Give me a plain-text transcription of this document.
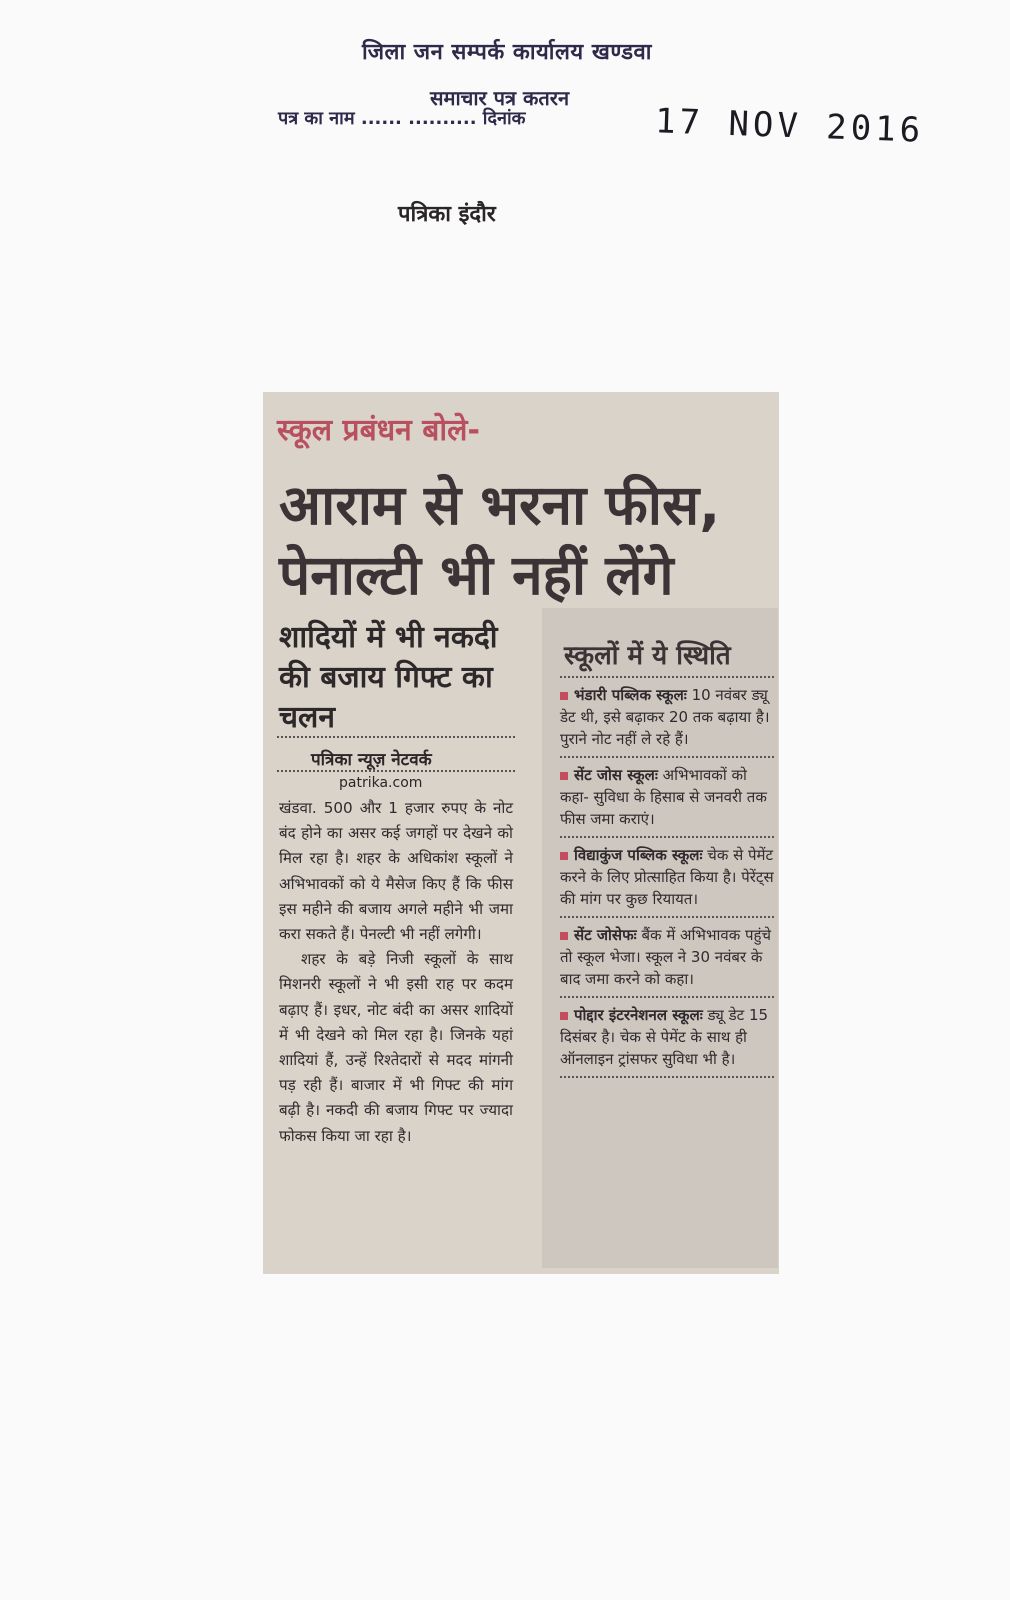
जिला जन सम्पर्क कार्यालय खण्डवा
समाचार पत्र कतरन
पत्र का नाम ...... .......... दिनांक	17 NOV 2016
पत्रिका इंदौर
स्कूल प्रबंधन बोले-
आराम से भरना फीस,
पेनाल्टी भी नहीं लेंगे
शादियों में भी नकदी की बजाय गिफ्ट का चलन
पत्रिका न्यूज़ नेटवर्क
patrika.com

खंडवा. 500 और 1 हजार रुपए के नोट बंद होने का असर कई जगहों पर देखने को मिल रहा है। शहर के अधिकांश स्कूलों ने अभिभावकों को ये मैसेज किए हैं कि फीस इस महीने की बजाय अगले महीने भी जमा करा सकते हैं। पेनल्टी भी नहीं लगेगी।

शहर के बड़े निजी स्कूलों के साथ मिशनरी स्कूलों ने भी इसी राह पर कदम बढ़ाए हैं। इधर, नोट बंदी का असर शादियों में भी देखने को मिल रहा है। जिनके यहां शादियां हैं, उन्हें रिश्तेदारों से मदद मांगनी पड़ रही हैं। बाजार में भी गिफ्ट की मांग बढ़ी है। नकदी की बजाय गिफ्ट पर ज्यादा फोकस किया जा रहा है।

स्कूलों में ये स्थिति
भंडारी पब्लिक स्कूलः 10 नवंबर ड्यू डेट थी, इसे बढ़ाकर 20 तक बढ़ाया है। पुराने नोट नहीं ले रहे हैं।
सेंट जोस स्कूलः अभिभावकों को कहा- सुविधा के हिसाब से जनवरी तक फीस जमा कराएं।
विद्याकुंज पब्लिक स्कूलः चेक से पेमेंट करने के लिए प्रोत्साहित किया है। पेरेंट्स की मांग पर कुछ रियायत।
सेंट जोसेफः बैंक में अभिभावक पहुंचे तो स्कूल भेजा। स्कूल ने 30 नवंबर के बाद जमा करने को कहा।
पोद्दार इंटरनेशनल स्कूलः ड्यू डेट 15 दिसंबर है। चेक से पेमेंट के साथ ही ऑनलाइन ट्रांसफर सुविधा भी है।
